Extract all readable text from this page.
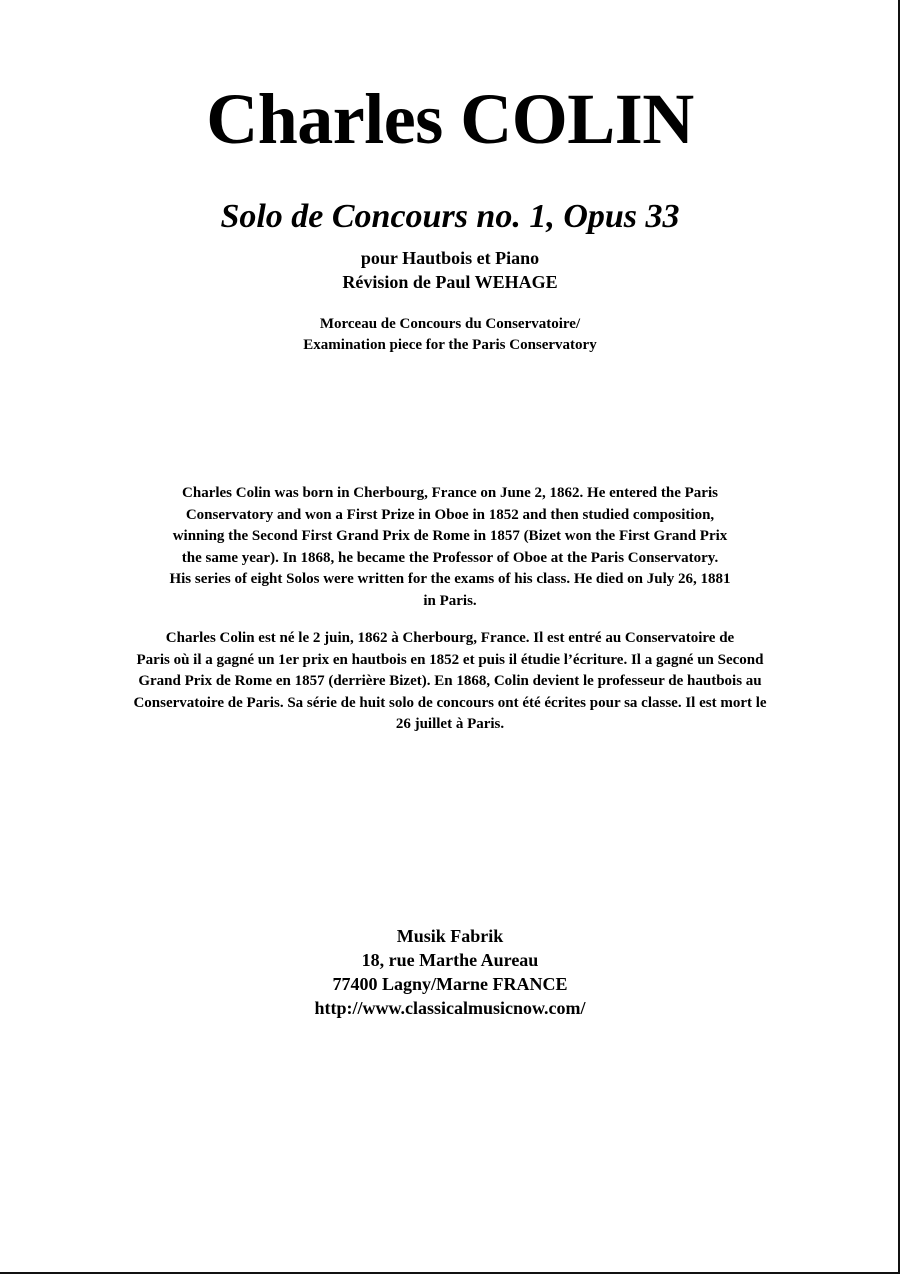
Charles COLIN
Solo de Concours no. 1, Opus 33
pour Hautbois et Piano
Révision de Paul WEHAGE
Morceau de Concours du Conservatoire/
Examination piece for the Paris Conservatory
Charles Colin was born in Cherbourg, France on June 2, 1862. He entered the Paris
Conservatory and won a First Prize in Oboe in 1852 and then studied composition,
winning the Second First Grand Prix de Rome in 1857 (Bizet won the First Grand Prix
the same year). In 1868, he became the Professor of Oboe at the Paris Conservatory.
His series of eight Solos were written for the exams of his class. He died on July 26, 1881
in Paris.
Charles Colin est né le 2 juin, 1862 à Cherbourg, France. Il est entré au Conservatoire de
Paris où il a gagné un 1er prix en hautbois en 1852 et puis il étudie l’écriture. Il a gagné un Second
Grand Prix de Rome en 1857 (derrière Bizet). En 1868, Colin devient le professeur de hautbois au
Conservatoire de Paris. Sa série de huit solo de concours ont été écrites pour sa classe. Il est mort le
26 juillet à Paris.
Musik Fabrik
18, rue Marthe Aureau
77400 Lagny/Marne FRANCE
http://www.classicalmusicnow.com/
